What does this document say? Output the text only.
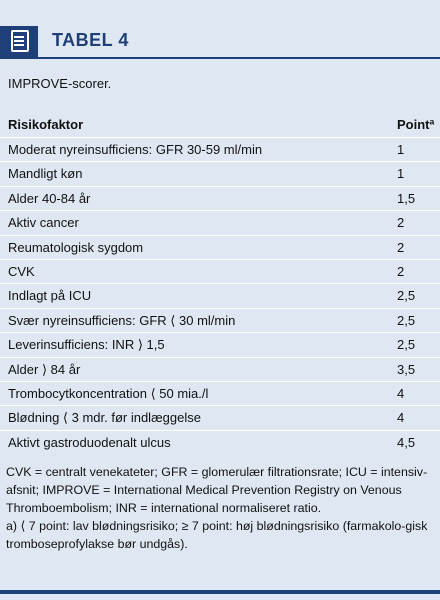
TABEL 4
IMPROVE-scorer.
Risikofaktor	Pointª
Moderat nyreinsufficiens: GFR 30-59 ml/min	1
Mandligt køn	1
Alder 40-84 år	1,5
Aktiv cancer	2
Reumatologisk sygdom	2
CVK	2
Indlagt på ICU	2,5
Svær nyreinsufficiens: GFR ⟨ 30 ml/min	2,5
Leverinsufficiens: INR ⟩ 1,5	2,5
Alder ⟩ 84 år	3,5
Trombocytkoncentration ⟨ 50 mia./l	4
Blødning ⟨ 3 mdr. før indlæggelse	4
Aktivt gastroduodenalt ulcus	4,5

CVK = centralt venekateter; GFR = glomerulær filtrationsrate; ICU = intensiv-afsnit; IMPROVE = International Medical Prevention Registry on Venous Thromboembolism; INR = international normaliseret ratio.

a) ⟨ 7 point: lav blødningsrisiko; ≥ 7 point: høj blødningsrisiko (farmakolo-gisk tromboseprofylakse bør undgås).
